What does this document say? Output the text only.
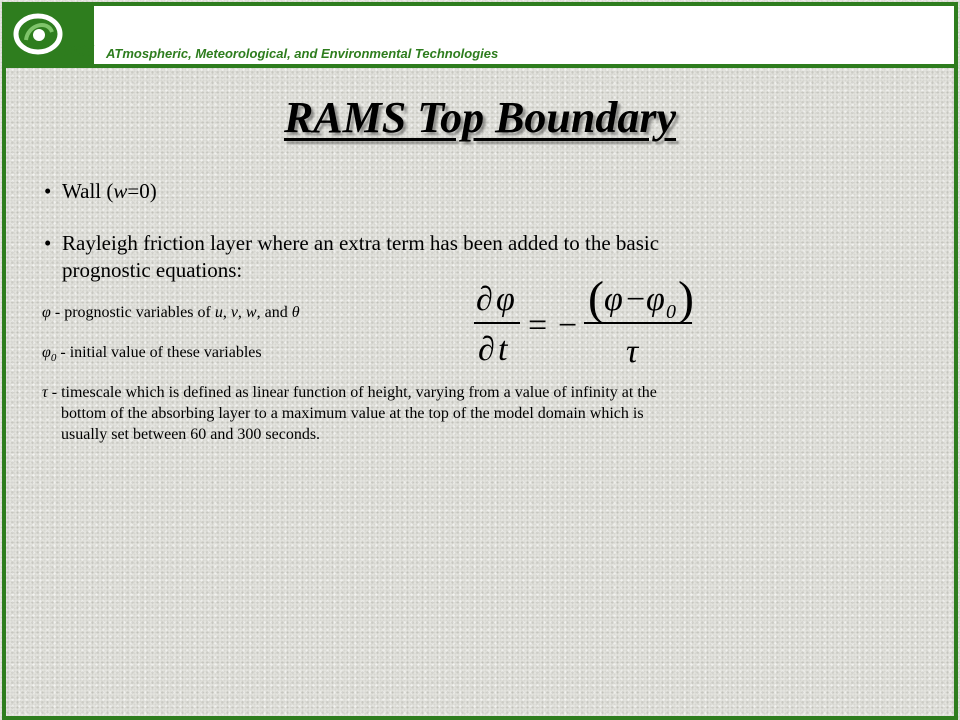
met ATmospheric, Meteorological, and Environmental Technologies
RAMS Top Boundary
• Wall (w=0)
• Rayleigh friction layer where an extra term has been added to the basic
prognostic equations:
φ - prognostic variables of u, v, w, and θ
$\varphi_0$ - initial value of these variables
τ - timescale which is defined as linear function of height, varying from a value of infinity at the
bottom of the absorbing layer to a maximum value at the top of the model domain which is
usually set between 60 and 300 seconds.
∂ φ
∂ t
= −
( φ − φ 0 )
τ
